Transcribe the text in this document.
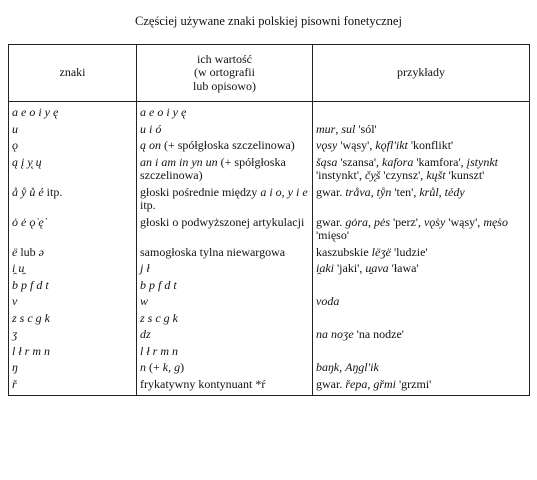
Częściej używane znaki polskiej pisowni fonetycznej
znaki	ich wartość
(w ortografii
lub opisowo)	przykłady
a e o i y ę	a e o i y ę	
u	u i ó	mur, sul 'sól'
ǫ	ą on (+ spółgłoska szczelinowa)	vǫsy 'wąsy', kǫfl'ikt 'konflikt'
ą į y̨ ų	an i am in yn un (+ spółgłoska szczelinowa)	šąsa 'szansa', kafora 'kamfora', įstynkt 'instynkt', čy̨š 'czynsz', kųšt 'kunszt'
å ẙ ů ẻ itp.	głoski pośrednie między a i o, y i e itp.	gwar. tråva, tẙn 'ten', krůl, tẻdy
ȯ ė ǫ̇ ę̇	głoski o podwyższonej artykulacji	gwar. gȯra, pės 'perz', vǫ̇sy 'wąsy', mę̇so 'mięso'
ë lub ə	samogłoska tylna niewargowa	kaszubskie lëʒë 'ludzie'
i̯ u̯	j ł	i̯aki 'jaki', u̯ava 'ława'
b p f d t	b p f d t	
v	w	voda
z s c g k	z s c g k	
ʒ	dz	na noʒe 'na nodze'
l ł r m n	l ł r m n	
ŋ	n (+ k, g)	baŋk, Aŋgl'ik
ř	frykatywny kontynuant *ŕ	gwar. řepa, gřmi 'grzmi'
